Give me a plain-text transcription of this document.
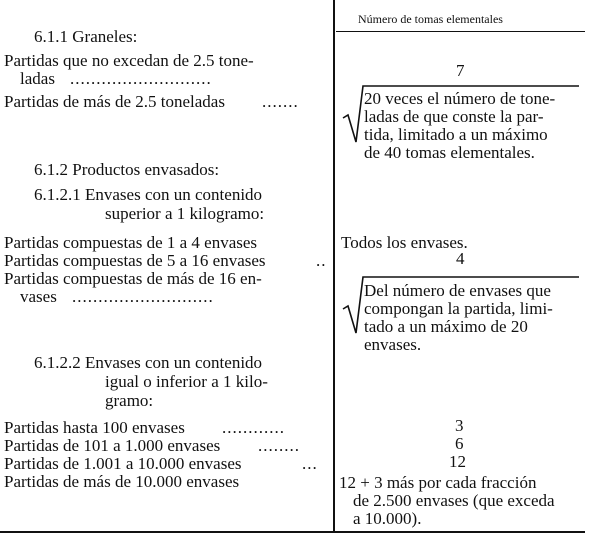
Número de tomas elementales
6.1.1 Graneles:
Partidas que no excedan de 2.5 tone-
ladas ...........................
Partidas de más de 2.5 toneladas .......
6.1.2 Productos envasados:
6.1.2.1 Envases con un contenido
superior a 1 kilogramo:
Partidas compuestas de 1 a 4 envases
Partidas compuestas de 5 a 16 envases	..
Partidas compuestas de más de 16 en-
vases ...........................
6.1.2.2 Envases con un contenido
igual o inferior a 1 kilo-
gramo:
Partidas hasta 100 envases ............
Partidas de 101 a 1.000 envases ........
Partidas de 1.001 a 10.000 envases	...
Partidas de más de 10.000 envases
7
20 veces el número de tone-
ladas de que conste la par-
tida, limitado a un máximo
de 40 tomas elementales.
Todos los envases.
4
Del número de envases que
compongan la partida, limi-
tado a un máximo de 20
envases.
3
6
12
12 + 3 más por cada fracción
de 2.500 envases (que exceda
a 10.000).
